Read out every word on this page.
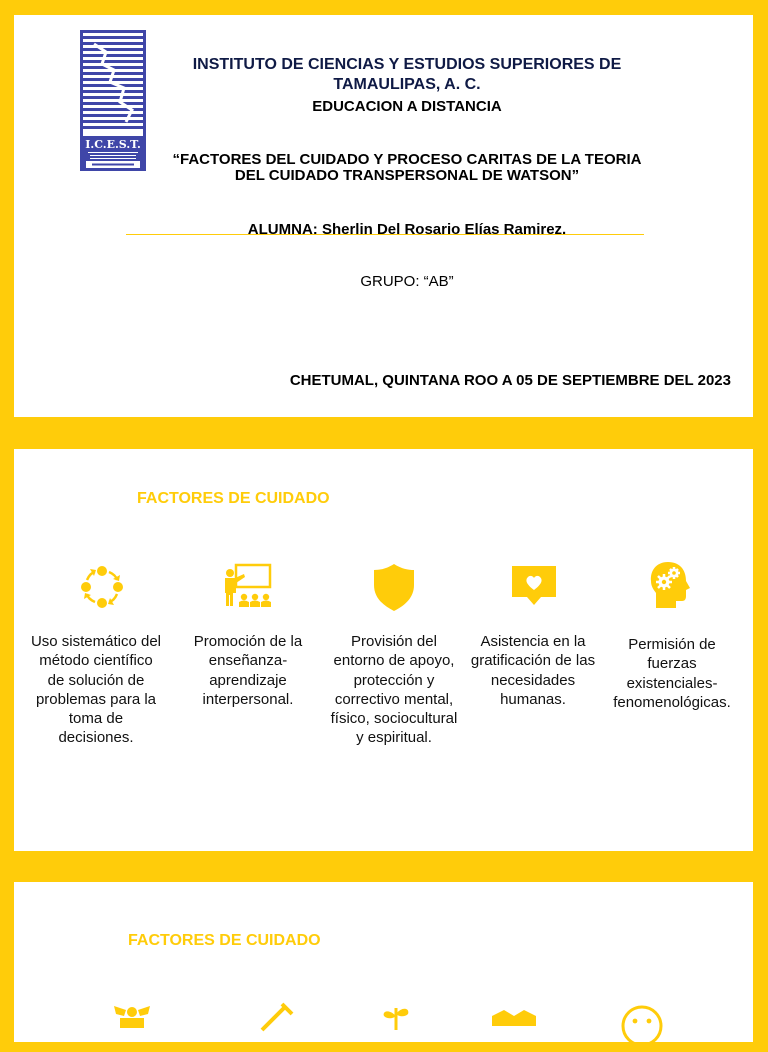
I.C.E.S.T.
INSTITUTO DE CIENCIAS Y ESTUDIOS SUPERIORES DE TAMAULIPAS, A. C.
EDUCACION A DISTANCIA
“FACTORES DEL CUIDADO Y PROCESO CARITAS DE LA TEORIA DEL CUIDADO TRANSPERSONAL DE WATSON”
ALUMNA: Sherlin Del Rosario Elías Ramirez.
GRUPO: “AB”
CHETUMAL, QUINTANA ROO A 05 DE SEPTIEMBRE DEL 2023
FACTORES DE CUIDADO
Uso sistemático del método científico de solución de problemas para la toma de decisiones.
Promoción de la enseñanza-aprendizaje interpersonal.
Provisión del entorno de apoyo, protección y correctivo mental, físico, sociocultural y espiritual.
Asistencia en la gratificación de las necesidades humanas.
Permisión de fuerzas existenciales-fenomenológicas.
FACTORES DE CUIDADO
